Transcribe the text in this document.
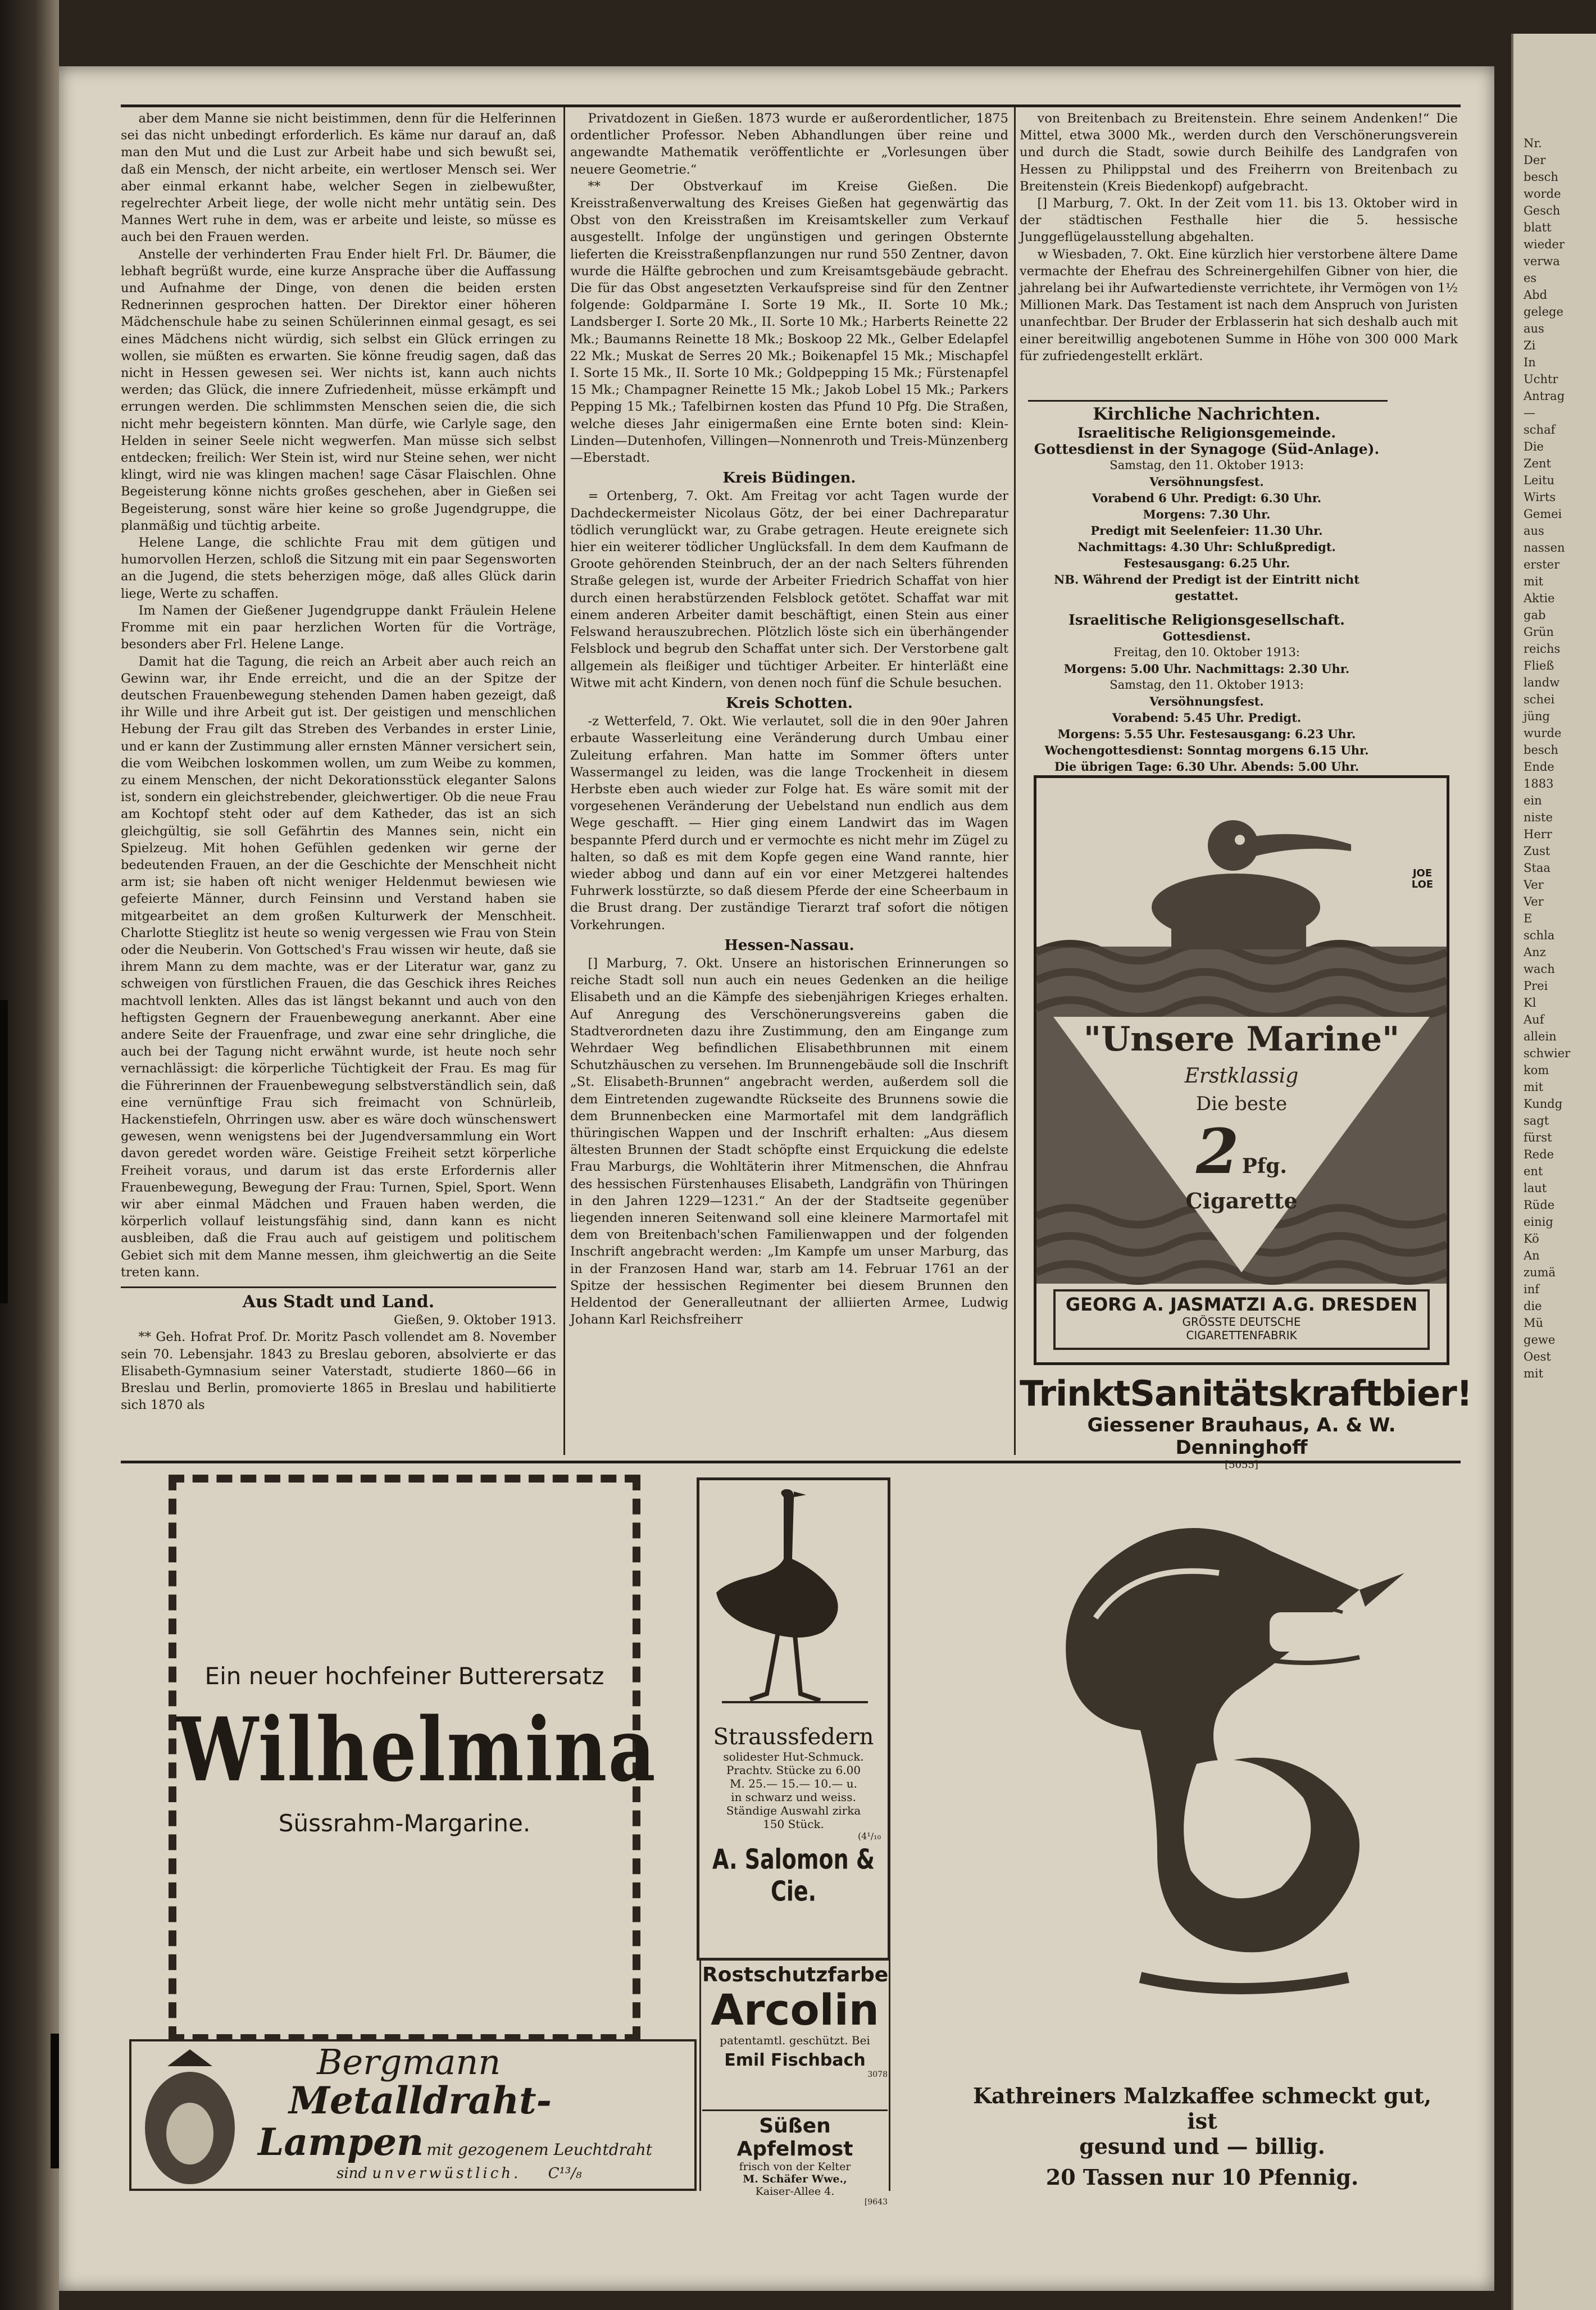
Nr.
Der
besch
worde
Gesch
blatt
wieder
verwa
es
Abd
gelege
aus
Zi
In
Uchtr
Antrag
—
schaf
Die
Zent
Leitu
Wirts
Gemei
aus
nassen
erster
mit
Aktie
gab
Grün
reichs
Fließ
landw
schei
jüng
wurde
besch
Ende
1883
ein
niste
Herr
Zust
Staa
Ver
Ver
E
schla
Anz
wach
Prei
Kl
Auf
allein
schwier
kom
mit
Kundg
sagt
fürst
Rede
ent
laut
Rüde
einig
Kö
An
zumä
inf
die
Mü
gewe
Oest
mit

aber dem Manne sie nicht beistimmen, denn für die Helferinnen sei das nicht unbedingt erforderlich. Es käme nur darauf an, daß man den Mut und die Lust zur Arbeit habe und sich bewußt sei, daß ein Mensch, der nicht arbeite, ein wertloser Mensch sei. Wer aber einmal erkannt habe, welcher Segen in zielbewußter, regelrechter Arbeit liege, der wolle nicht mehr untätig sein. Des Mannes Wert ruhe in dem, was er arbeite und leiste, so müsse es auch bei den Frauen werden.

Anstelle der verhinderten Frau Ender hielt Frl. Dr. Bäumer, die lebhaft begrüßt wurde, eine kurze Ansprache über die Auffassung und Aufnahme der Dinge, von denen die beiden ersten Rednerinnen gesprochen hatten. Der Direktor einer höheren Mädchenschule habe zu seinen Schülerinnen einmal gesagt, es sei eines Mädchens nicht würdig, sich selbst ein Glück erringen zu wollen, sie müßten es erwarten. Sie könne freudig sagen, daß das nicht in Hessen gewesen sei. Wer nichts ist, kann auch nichts werden; das Glück, die innere Zufriedenheit, müsse erkämpft und errungen werden. Die schlimmsten Menschen seien die, die sich nicht mehr begeistern könnten. Man dürfe, wie Carlyle sage, den Helden in seiner Seele nicht wegwerfen. Man müsse sich selbst entdecken; freilich: Wer Stein ist, wird nur Steine sehen, wer nicht klingt, wird nie was klingen machen! sage Cäsar Flaischlen. Ohne Begeisterung könne nichts großes geschehen, aber in Gießen sei Begeisterung, sonst wäre hier keine so große Jugendgruppe, die planmäßig und tüchtig arbeite.

Helene Lange, die schlichte Frau mit dem gütigen und humorvollen Herzen, schloß die Sitzung mit ein paar Segensworten an die Jugend, die stets beherzigen möge, daß alles Glück darin liege, Werte zu schaffen.

Im Namen der Gießener Jugendgruppe dankt Fräulein Helene Fromme mit ein paar herzlichen Worten für die Vorträge, besonders aber Frl. Helene Lange.

Damit hat die Tagung, die reich an Arbeit aber auch reich an Gewinn war, ihr Ende erreicht, und die an der Spitze der deutschen Frauenbewegung stehenden Damen haben gezeigt, daß ihr Wille und ihre Arbeit gut ist. Der geistigen und menschlichen Hebung der Frau gilt das Streben des Verbandes in erster Linie, und er kann der Zustimmung aller ernsten Männer versichert sein, die vom Weibchen loskommen wollen, um zum Weibe zu kommen, zu einem Menschen, der nicht Dekorationsstück eleganter Salons ist, sondern ein gleichstrebender, gleichwertiger. Ob die neue Frau am Kochtopf steht oder auf dem Katheder, das ist an sich gleichgültig, sie soll Gefährtin des Mannes sein, nicht ein Spielzeug. Mit hohen Gefühlen gedenken wir gerne der bedeutenden Frauen, an der die Geschichte der Menschheit nicht arm ist; sie haben oft nicht weniger Heldenmut bewiesen wie gefeierte Männer, durch Feinsinn und Verstand haben sie mitgearbeitet an dem großen Kulturwerk der Menschheit. Charlotte Stieglitz ist heute so wenig vergessen wie Frau von Stein oder die Neuberin. Von Gottsched's Frau wissen wir heute, daß sie ihrem Mann zu dem machte, was er der Literatur war, ganz zu schweigen von fürstlichen Frauen, die das Geschick ihres Reiches machtvoll lenkten. Alles das ist längst bekannt und auch von den heftigsten Gegnern der Frauenbewegung anerkannt. Aber eine andere Seite der Frauenfrage, und zwar eine sehr dringliche, die auch bei der Tagung nicht erwähnt wurde, ist heute noch sehr vernachlässigt: die körperliche Tüchtigkeit der Frau. Es mag für die Führerinnen der Frauenbewegung selbstverständlich sein, daß eine vernünftige Frau sich freimacht von Schnürleib, Hackenstiefeln, Ohrringen usw. aber es wäre doch wünschenswert gewesen, wenn wenigstens bei der Jugendversammlung ein Wort davon geredet worden wäre. Geistige Freiheit setzt körperliche Freiheit voraus, und darum ist das erste Erfordernis aller Frauenbewegung, Bewegung der Frau: Turnen, Spiel, Sport. Wenn wir aber einmal Mädchen und Frauen haben werden, die körperlich vollauf leistungsfähig sind, dann kann es nicht ausbleiben, daß die Frau auch auf geistigem und politischem Gebiet sich mit dem Manne messen, ihm gleichwertig an die Seite treten kann.

Aus Stadt und Land.

Gießen, 9. Oktober 1913.

** Geh. Hofrat Prof. Dr. Moritz Pasch vollendet am 8. November sein 70. Lebensjahr. 1843 zu Breslau geboren, absolvierte er das Elisabeth-Gymnasium seiner Vaterstadt, studierte 1860—66 in Breslau und Berlin, promovierte 1865 in Breslau und habilitierte sich 1870 als

Privatdozent in Gießen. 1873 wurde er außerordentlicher, 1875 ordentlicher Professor. Neben Abhandlungen über reine und angewandte Mathematik veröffentlichte er „Vorlesungen über neuere Geometrie.“

** Der Obstverkauf im Kreise Gießen. Die Kreisstraßenverwaltung des Kreises Gießen hat gegenwärtig das Obst von den Kreisstraßen im Kreisamtskeller zum Verkauf ausgestellt. Infolge der ungünstigen und geringen Obsternte lieferten die Kreisstraßenpflanzungen nur rund 550 Zentner, davon wurde die Hälfte gebrochen und zum Kreisamtsgebäude gebracht. Die für das Obst angesetzten Verkaufspreise sind für den Zentner folgende: Goldparmäne I. Sorte 19 Mk., II. Sorte 10 Mk.; Landsberger I. Sorte 20 Mk., II. Sorte 10 Mk.; Harberts Reinette 22 Mk.; Baumanns Reinette 18 Mk.; Boskoop 22 Mk., Gelber Edelapfel 22 Mk.; Muskat de Serres 20 Mk.; Boikenapfel 15 Mk.; Mischapfel I. Sorte 15 Mk., II. Sorte 10 Mk.; Goldpepping 15 Mk.; Fürstenapfel 15 Mk.; Champagner Reinette 15 Mk.; Jakob Lobel 15 Mk.; Parkers Pepping 15 Mk.; Tafelbirnen kosten das Pfund 10 Pfg. Die Straßen, welche dieses Jahr einigermaßen eine Ernte boten sind: Klein-Linden—Dutenhofen, Villingen—Nonnenroth und Treis-Münzenberg—Eberstadt.

Kreis Büdingen.

= Ortenberg, 7. Okt. Am Freitag vor acht Tagen wurde der Dachdeckermeister Nicolaus Götz, der bei einer Dachreparatur tödlich verunglückt war, zu Grabe getragen. Heute ereignete sich hier ein weiterer tödlicher Unglücksfall. In dem dem Kaufmann de Groote gehörenden Steinbruch, der an der nach Selters führenden Straße gelegen ist, wurde der Arbeiter Friedrich Schaffat von hier durch einen herabstürzenden Felsblock getötet. Schaffat war mit einem anderen Arbeiter damit beschäftigt, einen Stein aus einer Felswand herauszubrechen. Plötzlich löste sich ein überhängender Felsblock und begrub den Schaffat unter sich. Der Verstorbene galt allgemein als fleißiger und tüchtiger Arbeiter. Er hinterläßt eine Witwe mit acht Kindern, von denen noch fünf die Schule besuchen.

Kreis Schotten.

-z Wetterfeld, 7. Okt. Wie verlautet, soll die in den 90er Jahren erbaute Wasserleitung eine Veränderung durch Umbau einer Zuleitung erfahren. Man hatte im Sommer öfters unter Wassermangel zu leiden, was die lange Trockenheit in diesem Herbste eben auch wieder zur Folge hat. Es wäre somit mit der vorgesehenen Veränderung der Uebelstand nun endlich aus dem Wege geschafft. — Hier ging einem Landwirt das im Wagen bespannte Pferd durch und er vermochte es nicht mehr im Zügel zu halten, so daß es mit dem Kopfe gegen eine Wand rannte, hier wieder abbog und dann auf ein vor einer Metzgerei haltendes Fuhrwerk losstürzte, so daß diesem Pferde der eine Scheerbaum in die Brust drang. Der zuständige Tierarzt traf sofort die nötigen Vorkehrungen.

Hessen-Nassau.

[] Marburg, 7. Okt. Unsere an historischen Erinnerungen so reiche Stadt soll nun auch ein neues Gedenken an die heilige Elisabeth und an die Kämpfe des siebenjährigen Krieges erhalten. Auf Anregung des Verschönerungsvereins gaben die Stadtverordneten dazu ihre Zustimmung, den am Eingange zum Wehrdaer Weg befindlichen Elisabethbrunnen mit einem Schutzhäuschen zu versehen. Im Brunnengebäude soll die Inschrift „St. Elisabeth-Brunnen“ angebracht werden, außerdem soll die dem Eintretenden zugewandte Rückseite des Brunnens sowie die dem Brunnenbecken eine Marmortafel mit dem landgräflich thüringischen Wappen und der Inschrift erhalten: „Aus diesem ältesten Brunnen der Stadt schöpfte einst Erquickung die edelste Frau Marburgs, die Wohltäterin ihrer Mitmenschen, die Ahnfrau des hessischen Fürstenhauses Elisabeth, Landgräfin von Thüringen in den Jahren 1229—1231.“ An der der Stadtseite gegenüber liegenden inneren Seitenwand soll eine kleinere Marmortafel mit dem von Breitenbach'schen Familienwappen und der folgenden Inschrift angebracht werden: „Im Kampfe um unser Marburg, das in der Franzosen Hand war, starb am 14. Februar 1761 an der Spitze der hessischen Regimenter bei diesem Brunnen den Heldentod der Generalleutnant der alliierten Armee, Ludwig Johann Karl Reichsfreiherr

von Breitenbach zu Breitenstein. Ehre seinem Andenken!“ Die Mittel, etwa 3000 Mk., werden durch den Verschönerungsverein und durch die Stadt, sowie durch Beihilfe des Landgrafen von Hessen zu Philippstal und des Freiherrn von Breitenbach zu Breitenstein (Kreis Biedenkopf) aufgebracht.

[] Marburg, 7. Okt. In der Zeit vom 11. bis 13. Oktober wird in der städtischen Festhalle hier die 5. hessische Junggeflügelausstellung abgehalten.

w Wiesbaden, 7. Okt. Eine kürzlich hier verstorbene ältere Dame vermachte der Ehefrau des Schreinergehilfen Gibner von hier, die jahrelang bei ihr Aufwartedienste verrichtete, ihr Vermögen von 1½ Millionen Mark. Das Testament ist nach dem Anspruch von Juristen unanfechtbar. Der Bruder der Erblasserin hat sich deshalb auch mit einer bereitwillig angebotenen Summe in Höhe von 300 000 Mark für zufriedengestellt erklärt.

Kirchliche Nachrichten.
Israelitische Religionsgemeinde.
Gottesdienst in der Synagoge (Süd-Anlage).
Samstag, den 11. Oktober 1913:
Versöhnungsfest.
Vorabend 6 Uhr. Predigt: 6.30 Uhr.
Morgens: 7.30 Uhr.
Predigt mit Seelenfeier: 11.30 Uhr.
Nachmittags: 4.30 Uhr: Schlußpredigt.
Festesausgang: 6.25 Uhr.
NB. Während der Predigt ist der Eintritt nicht gestattet.
Israelitische Religionsgesellschaft.
Gottesdienst.
Freitag, den 10. Oktober 1913:
Morgens: 5.00 Uhr. Nachmittags: 2.30 Uhr.
Samstag, den 11. Oktober 1913:
Versöhnungsfest.
Vorabend: 5.45 Uhr. Predigt.
Morgens: 5.55 Uhr. Festesausgang: 6.23 Uhr.
Wochengottesdienst: Sonntag morgens 6.15 Uhr.
Die übrigen Tage: 6.30 Uhr. Abends: 5.00 Uhr.
JOE LOE
"Unsere Marine"
Erstklassig
Die beste
2 Pfg.
Cigarette
GEORG A. JASMATZI A.G. DRESDEN
GRÖSSTE DEUTSCHE
CIGARETTENFABRIK
TrinktSanitätskraftbier!
Giessener Brauhaus, A. & W. Denninghoff
[5055]
Ein neuer hochfeiner Butterersatz
Wilhelmina
Süssrahm-Margarine.
Bergmann
Metalldraht-
Lampen mit gezogenem Leuchtdraht
sind unverwüstlich. C¹³/₈
Straussfedern
solidester Hut-Schmuck.
Prachtv. Stücke zu 6.00
M. 25.— 15.— 10.— u.
in schwarz und weiss.
Ständige Auswahl zirka
150 Stück.
(4¹/₁₀
A. Salomon & Cie.
Rostschutzfarbe
Arcolin
patentamtl. geschützt. Bei
Emil Fischbach
3078
Süßen Apfelmost
frisch von der Kelter
M. Schäfer Wwe.,
Kaiser-Allee 4.
[9643
Kathreiners Malzkaffee schmeckt gut, ist
gesund und — billig.
20 Tassen nur 10 Pfennig.
